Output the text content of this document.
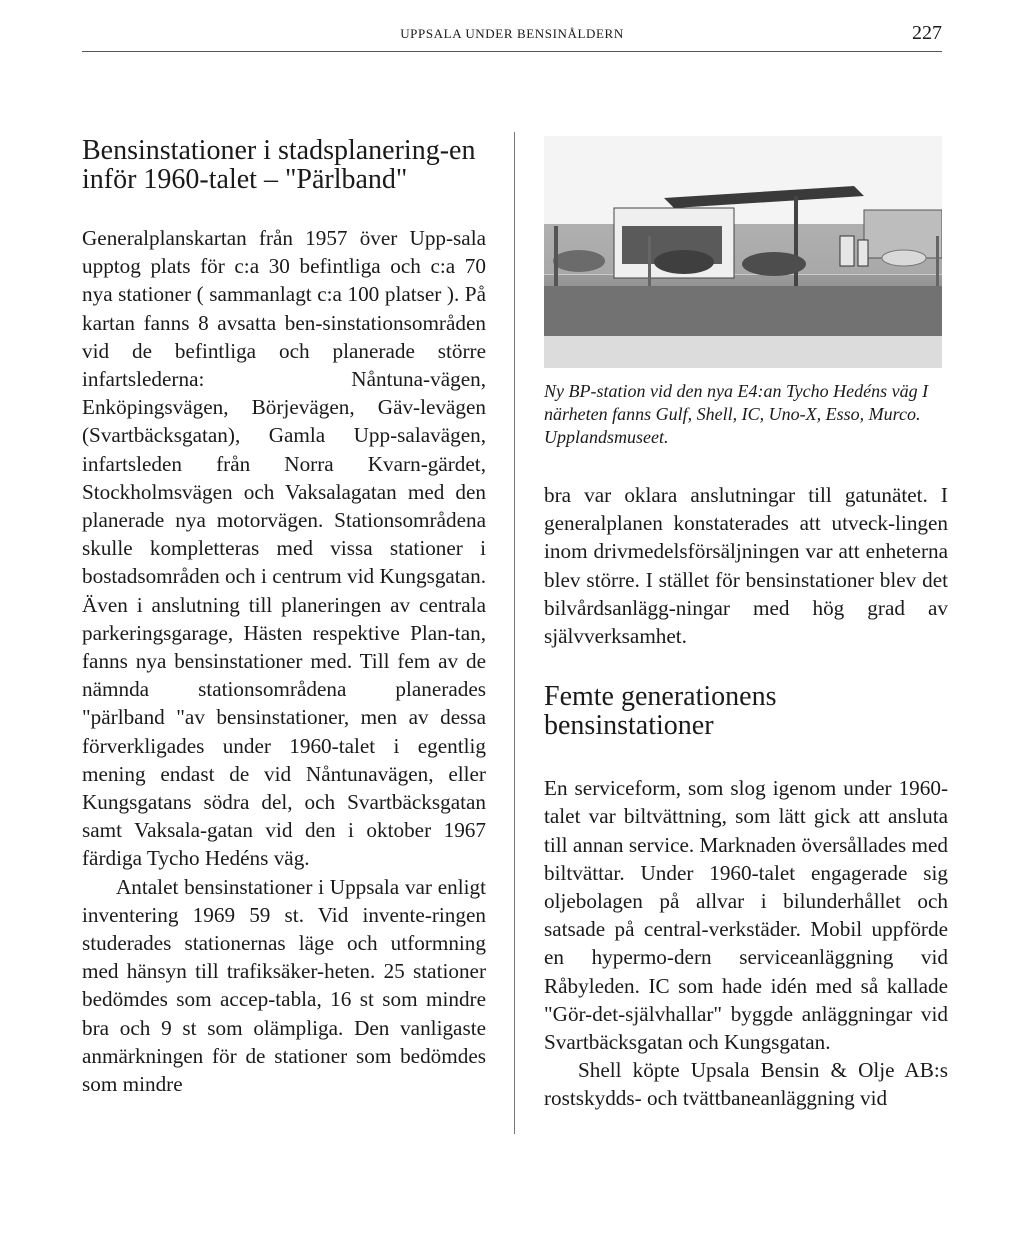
UPPSALA UNDER BENSINÅLDERN	227
Bensinstationer i stadsplanering-en inför 1960-talet – "Pärlband"

Generalplanskartan från 1957 över Upp-sala upptog plats för c:a 30 befintliga och c:a 70 nya stationer ( sammanlagt c:a 100 platser ). På kartan fanns 8 avsatta ben-sinstationsområden vid de befintliga och planerade större infartslederna: Nåntuna-vägen, Enköpingsvägen, Börjevägen, Gäv-levägen (Svartbäcksgatan), Gamla Upp-salavägen, infartsleden från Norra Kvarn-gärdet, Stockholmsvägen och Vaksalagatan med den planerade nya motorvägen. Stationsområdena skulle kompletteras med vissa stationer i bostadsområden och i centrum vid Kungsgatan. Även i anslutning till planeringen av centrala parkeringsgarage, Hästen respektive Plan-tan, fanns nya bensinstationer med. Till fem av de nämnda stationsområdena planerades "pärlband "av bensinstationer, men av dessa förverkligades under 1960-talet i egentlig mening endast de vid Nåntunavägen, eller Kungsgatans södra del, och Svartbäcksgatan samt Vaksala-gatan vid den i oktober 1967 färdiga Tycho Hedéns väg.

Antalet bensinstationer i Uppsala var enligt inventering 1969 59 st. Vid invente-ringen studerades stationernas läge och utformning med hänsyn till trafiksäker-heten. 25 stationer bedömdes som accep-tabla, 16 st som mindre bra och 9 st som olämpliga. Den vanligaste anmärkningen för de stationer som bedömdes som mindre

Ny BP-station vid den nya E4:an Tycho Hedéns väg I närheten fanns Gulf, Shell, IC, Uno-X, Esso, Murco. Upplandsmuseet.

bra var oklara anslutningar till gatunätet. I generalplanen konstaterades att utveck-lingen inom drivmedelsförsäljningen var att enheterna blev större. I stället för bensinstationer blev det bilvårdsanlägg-ningar med hög grad av självverksamhet.

Femte generationens bensinstationer

En serviceform, som slog igenom under 1960-talet var biltvättning, som lätt gick att ansluta till annan service. Marknaden översållades med biltvättar. Under 1960-talet engagerade sig oljebolagen på allvar i bilunderhållet och satsade på central-verkstäder. Mobil uppförde en hypermo-dern serviceanläggning vid Råbyleden. IC som hade idén med så kallade "Gör-det-självhallar" byggde anläggningar vid Svartbäcksgatan och Kungsgatan.

Shell köpte Upsala Bensin & Olje AB:s rostskydds- och tvättbaneanläggning vid
